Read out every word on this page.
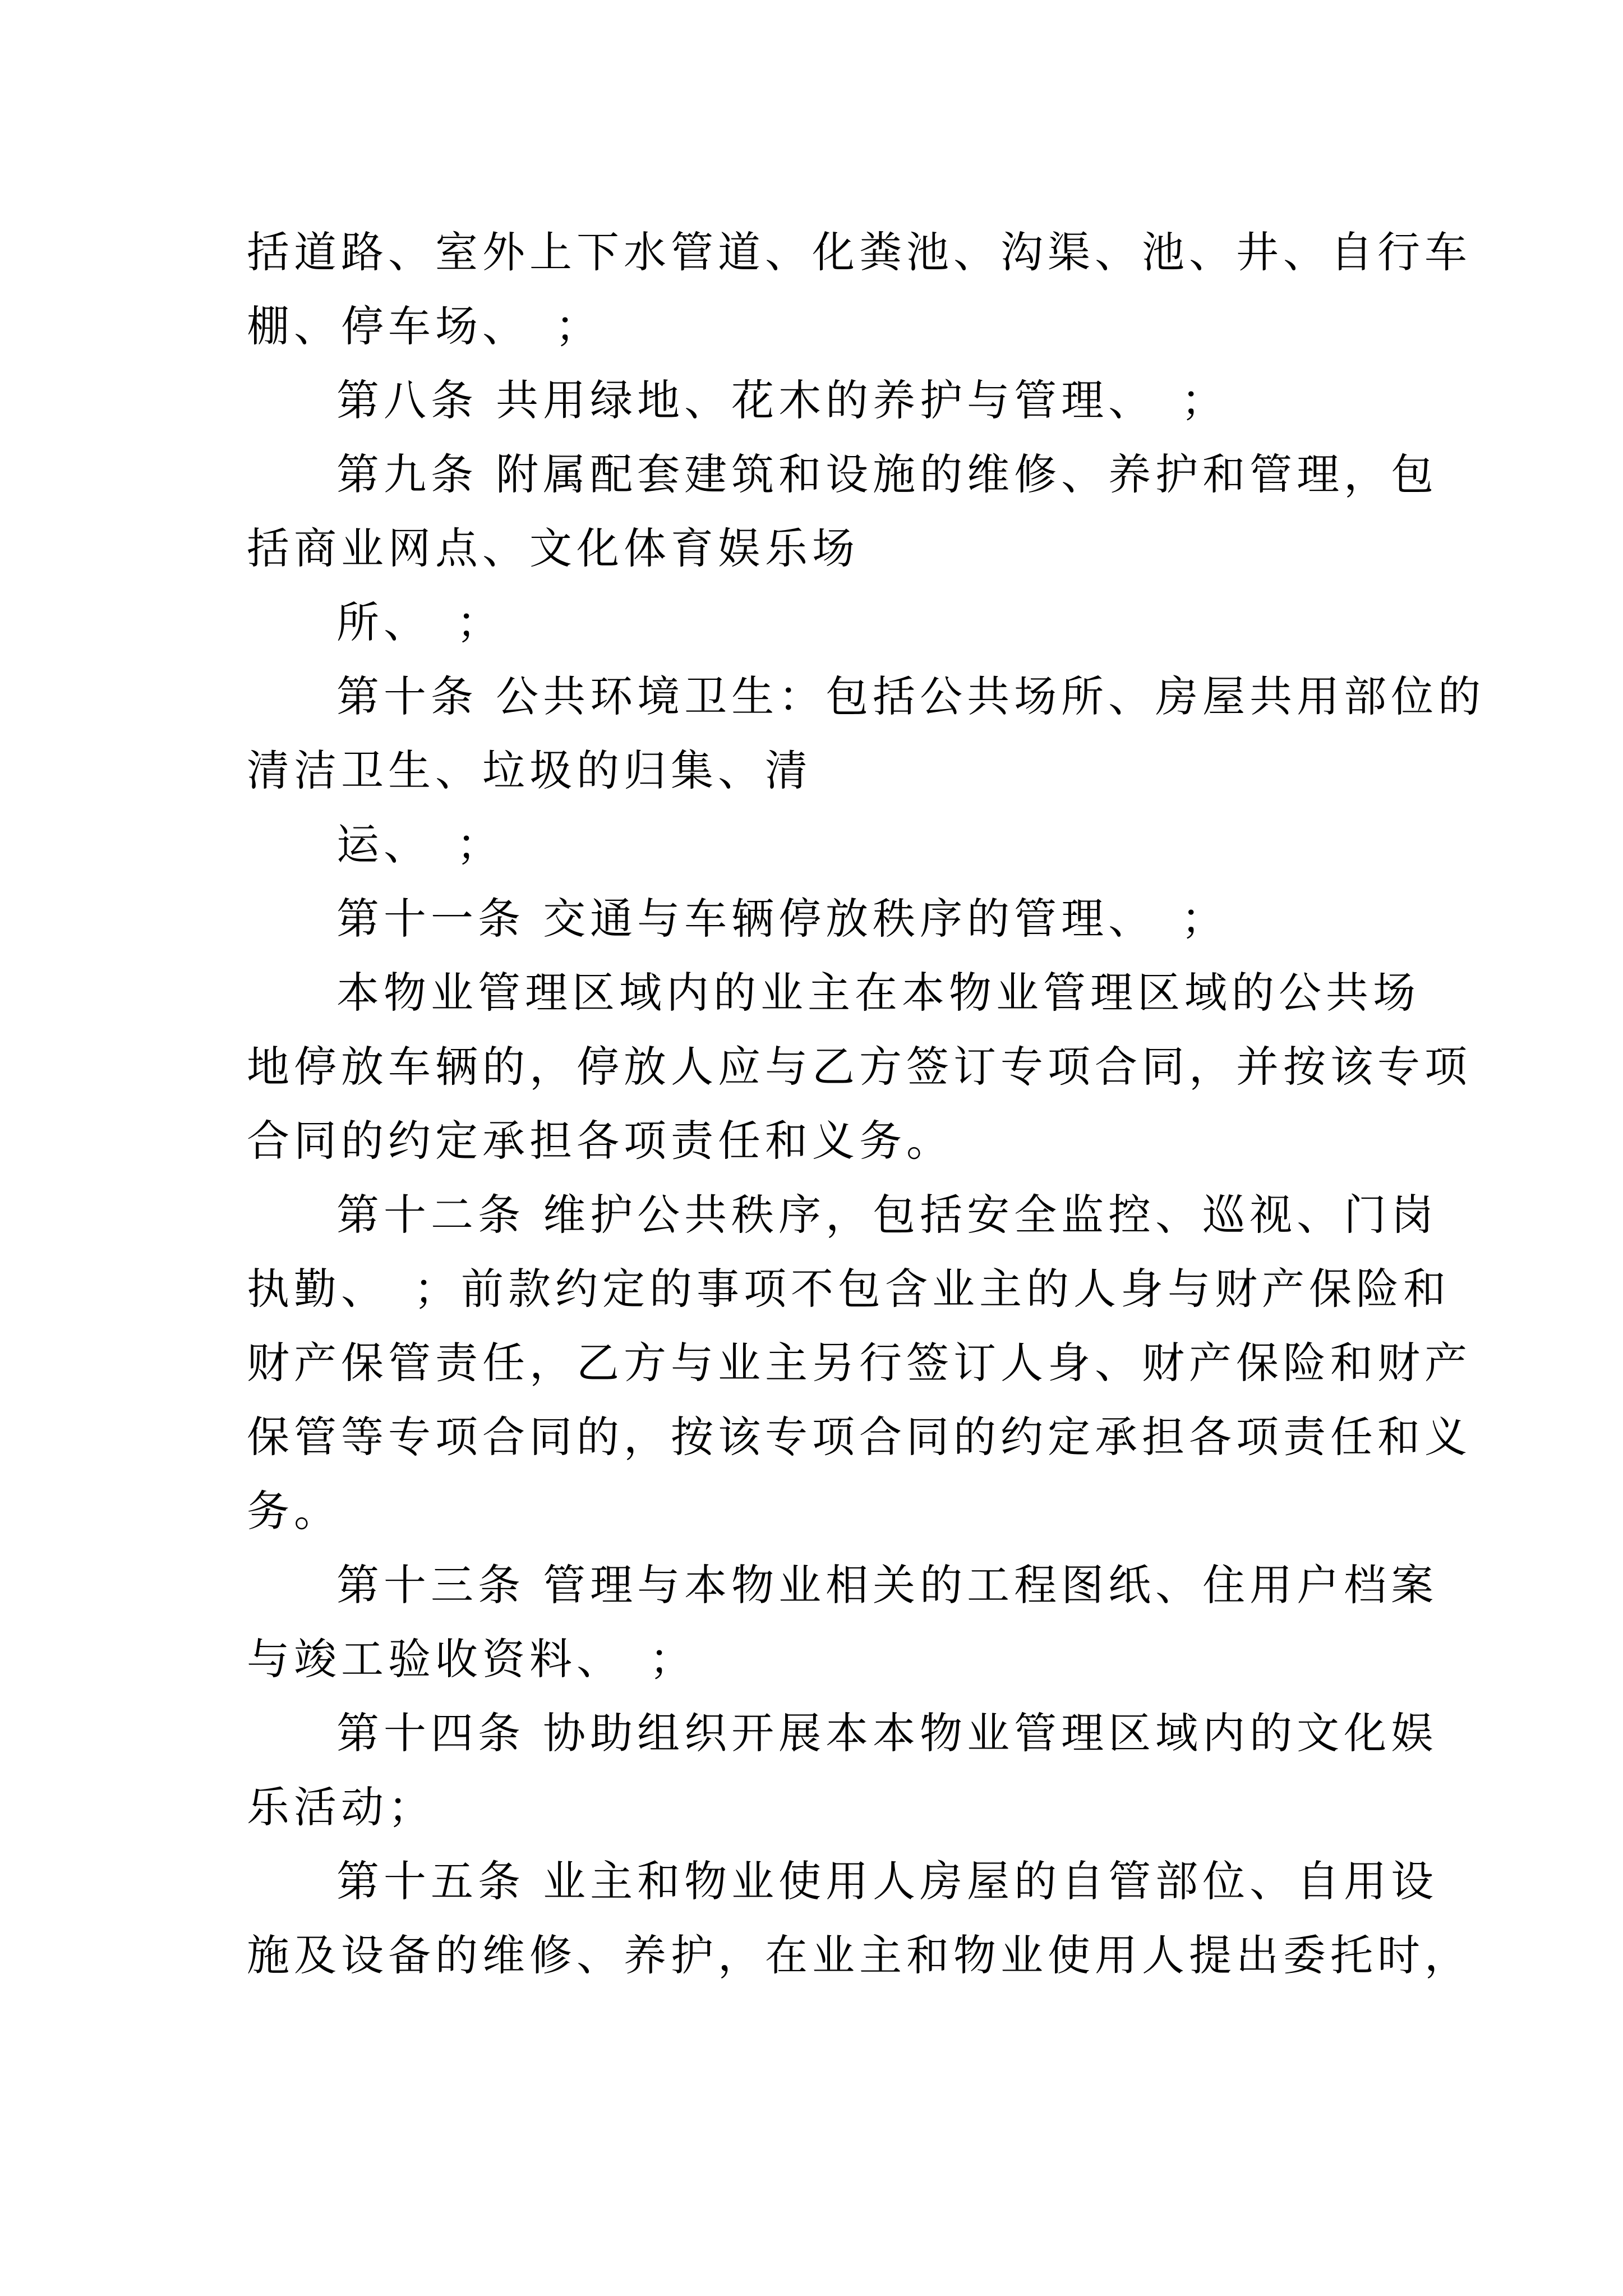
括道路、室外上下水管道、化粪池、沟渠、池、井、自行车

棚、停车场、　；

第八条 共用绿地、花木的养护与管理、　；

第九条 附属配套建筑和设施的维修、养护和管理，包

括商业网点、文化体育娱乐场

所、　；

第十条 公共环境卫生：包括公共场所、房屋共用部位的

清洁卫生、垃圾的归集、清

运、　；

第十一条 交通与车辆停放秩序的管理、　；

本物业管理区域内的业主在本物业管理区域的公共场

地停放车辆的，停放人应与乙方签订专项合同，并按该专项

合同的约定承担各项责任和义务。

第十二条 维护公共秩序，包括安全监控、巡视、门岗

执勤、　；前款约定的事项不包含业主的人身与财产保险和

财产保管责任，乙方与业主另行签订人身、财产保险和财产

保管等专项合同的，按该专项合同的约定承担各项责任和义

务。

第十三条 管理与本物业相关的工程图纸、住用户档案

与竣工验收资料、　；

第十四条 协助组织开展本本物业管理区域内的文化娱

乐活动；

第十五条 业主和物业使用人房屋的自管部位、自用设

施及设备的维修、养护，在业主和物业使用人提出委托时，
